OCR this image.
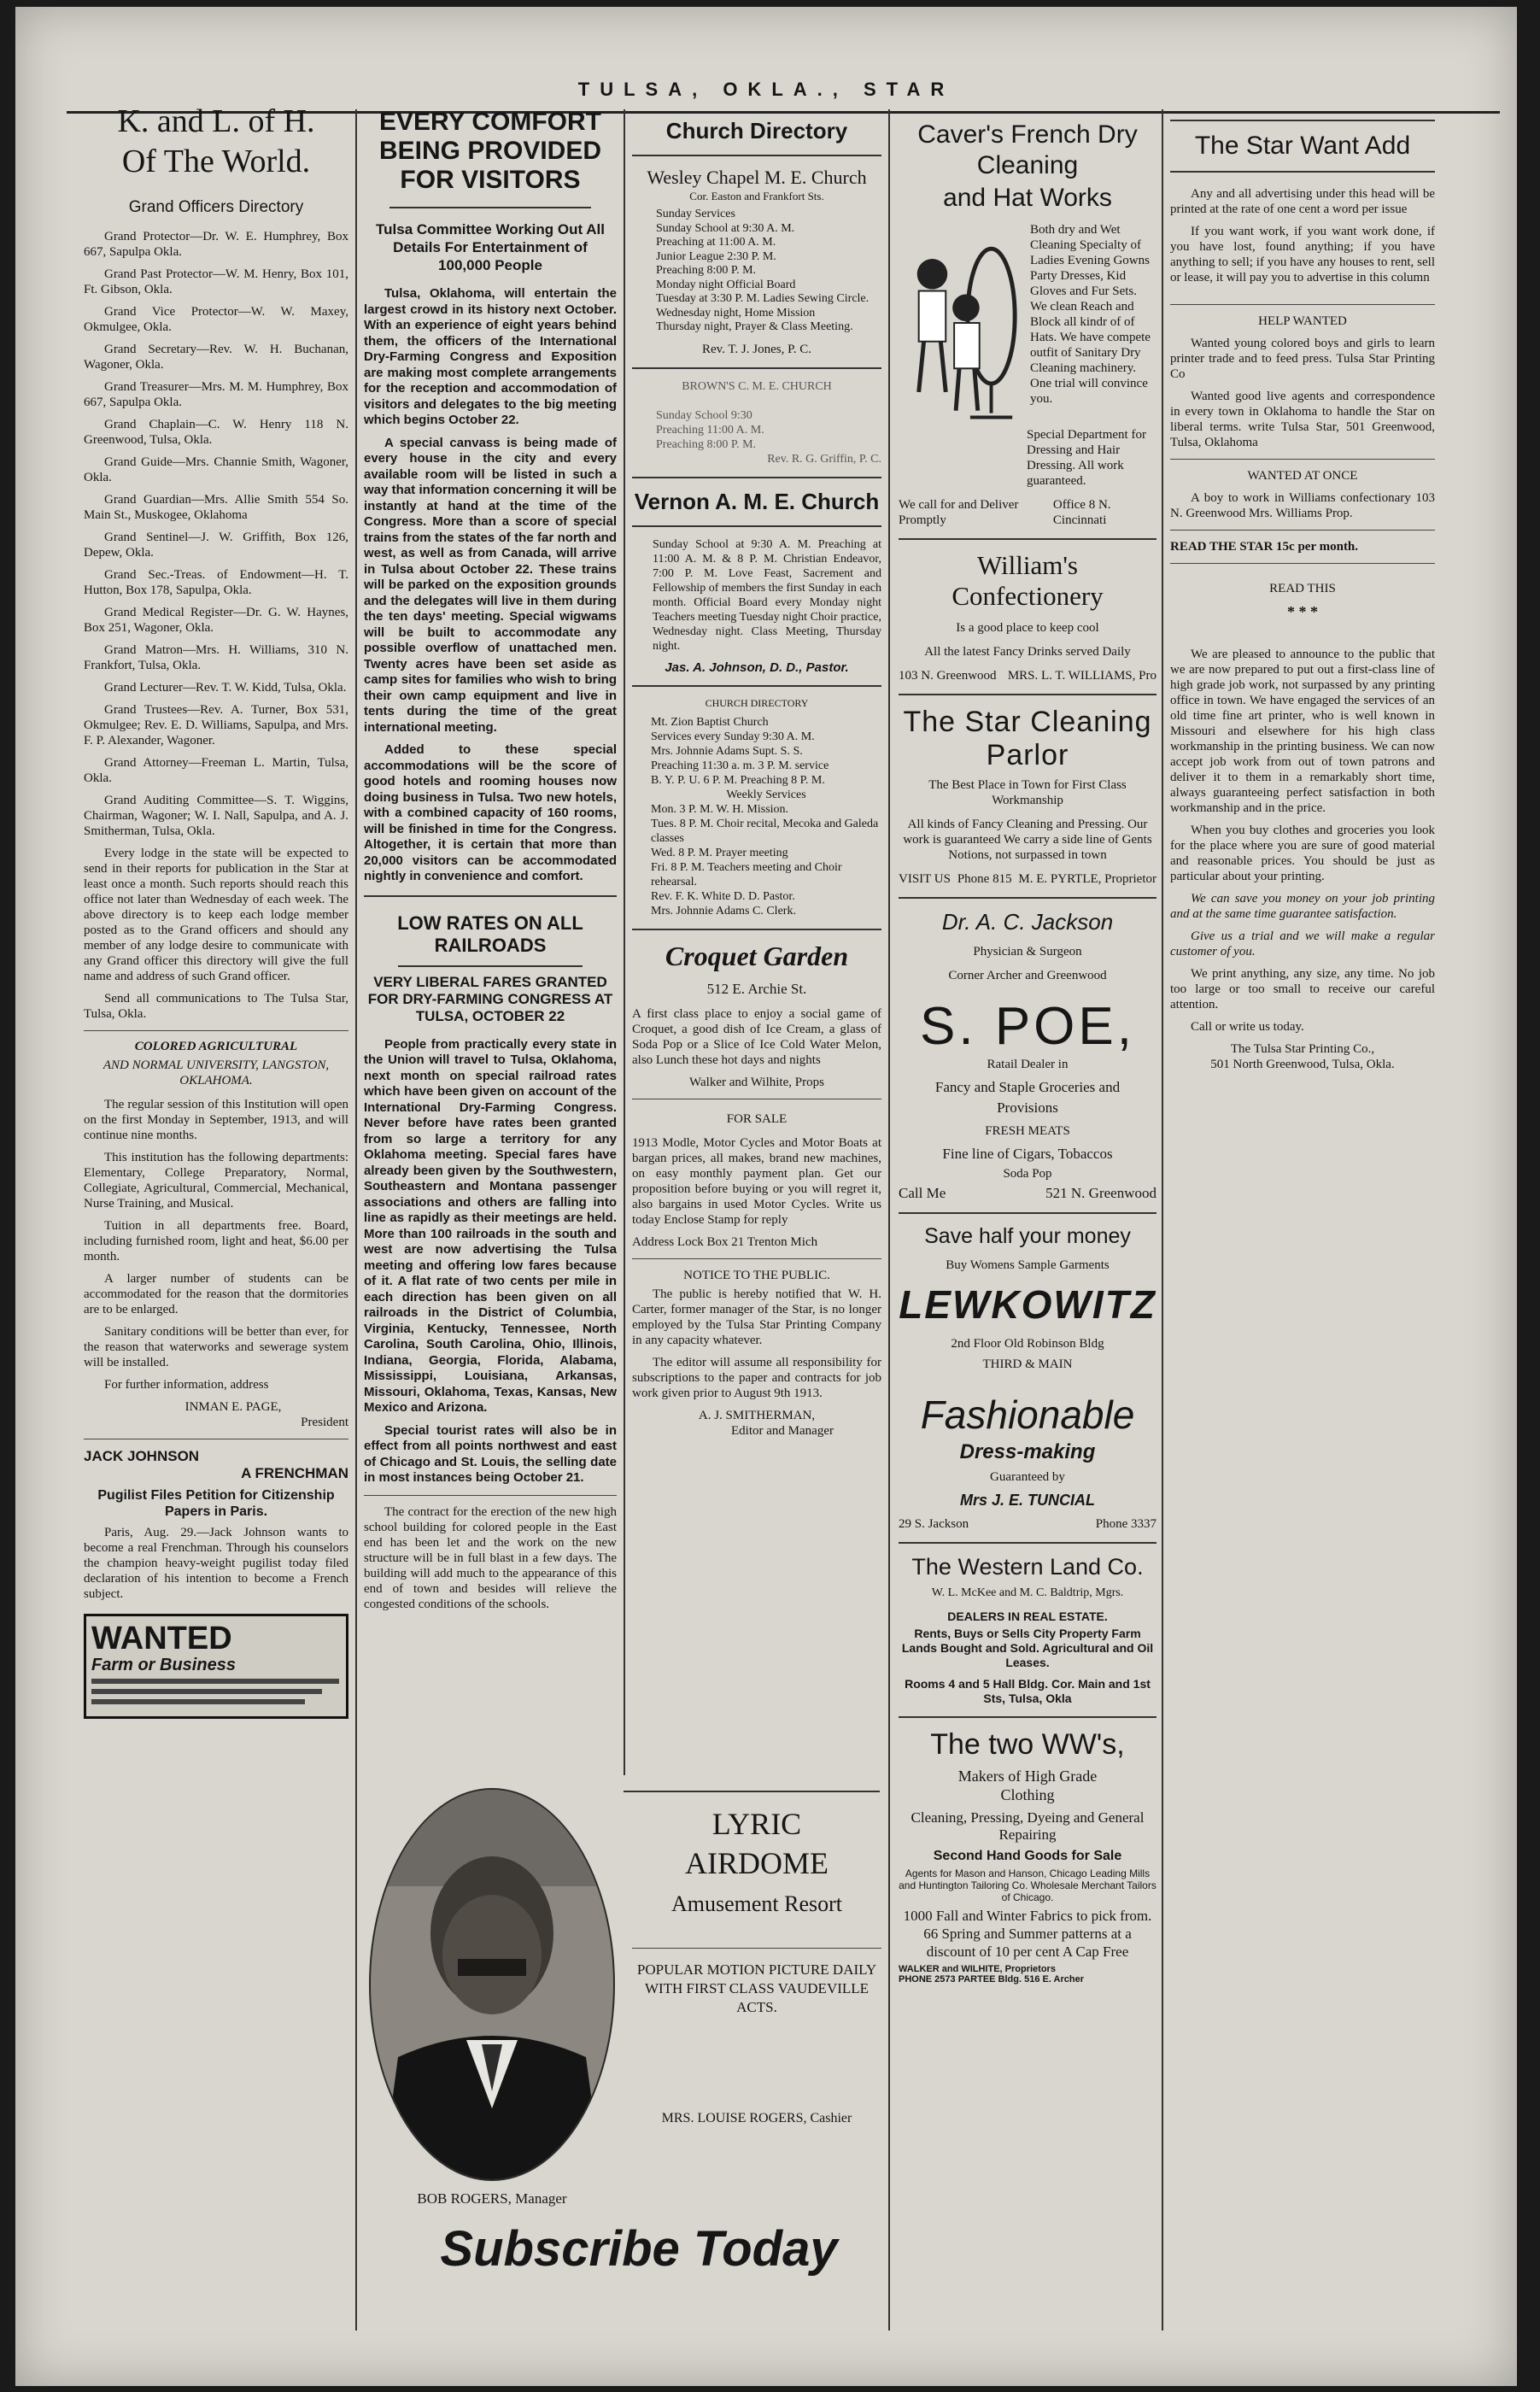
TULSA, OKLA., STAR
K. and L. of H.
Of The World.
Grand Officers Directory

Grand Protector—Dr. W. E. Humphrey, Box 667, Sapulpa Okla.

Grand Past Protector—W. M. Henry, Box 101, Ft. Gibson, Okla.

Grand Vice Protector—W. W. Maxey, Okmulgee, Okla.

Grand Secretary—Rev. W. H. Buchanan, Wagoner, Okla.

Grand Treasurer—Mrs. M. M. Humphrey, Box 667, Sapulpa Okla.

Grand Chaplain—C. W. Henry 118 N. Greenwood, Tulsa, Okla.

Grand Guide—Mrs. Channie Smith, Wagoner, Okla.

Grand Guardian—Mrs. Allie Smith 554 So. Main St., Muskogee, Oklahoma

Grand Sentinel—J. W. Griffith, Box 126, Depew, Okla.

Grand Sec.-Treas. of Endowment—H. T. Hutton, Box 178, Sapulpa, Okla.

Grand Medical Register—Dr. G. W. Haynes, Box 251, Wagoner, Okla.

Grand Matron—Mrs. H. Williams, 310 N. Frankfort, Tulsa, Okla.

Grand Lecturer—Rev. T. W. Kidd, Tulsa, Okla.

Grand Trustees—Rev. A. Turner, Box 531, Okmulgee; Rev. E. D. Williams, Sapulpa, and Mrs. F. P. Alexander, Wagoner.

Grand Attorney—Freeman L. Martin, Tulsa, Okla.

Grand Auditing Committee—S. T. Wiggins, Chairman, Wagoner; W. I. Nall, Sapulpa, and A. J. Smitherman, Tulsa, Okla.

Every lodge in the state will be expected to send in their reports for publication in the Star at least once a month. Such reports should reach this office not later than Wednesday of each week. The above directory is to keep each lodge member posted as to the Grand officers and should any member of any lodge desire to communicate with any Grand officer this directory will give the full name and address of such Grand officer.

Send all communications to The Tulsa Star, Tulsa, Okla.

COLORED AGRICULTURAL
AND NORMAL UNIVERSITY, LANGSTON, OKLAHOMA.

The regular session of this Institution will open on the first Monday in September, 1913, and will continue nine months.

This institution has the following departments: Elementary, College Preparatory, Normal, Collegiate, Agricultural, Commercial, Mechanical, Nurse Training, and Musical.

Tuition in all departments free. Board, including furnished room, light and heat, $6.00 per month.

A larger number of students can be accommodated for the reason that the dormitories are to be enlarged.

Sanitary conditions will be better than ever, for the reason that waterworks and sewerage system will be installed.

For further information, address

INMAN E. PAGE,

President

JACK JOHNSON
A FRENCHMAN
Pugilist Files Petition for Citizenship Papers in Paris.

Paris, Aug. 29.—Jack Johnson wants to become a real Frenchman. Through his counselors the champion heavy-weight pugilist today filed declaration of his intention to become a French subject.

WANTED
Farm or Business
EVERY COMFORT
BEING PROVIDED
FOR VISITORS
Tulsa Committee Working Out All Details For Entertainment of 100,000 People

Tulsa, Oklahoma, will entertain the largest crowd in its history next October. With an experience of eight years behind them, the officers of the International Dry-Farming Congress and Exposition are making most complete arrangements for the reception and accommodation of visitors and delegates to the big meeting which begins October 22.

A special canvass is being made of every house in the city and every available room will be listed in such a way that information concerning it will be instantly at hand at the time of the Congress. More than a score of special trains from the states of the far north and west, as well as from Canada, will arrive in Tulsa about October 22. These trains will be parked on the exposition grounds and the delegates will live in them during the ten days' meeting. Special wigwams will be built to accommodate any possible overflow of unattached men. Twenty acres have been set aside as camp sites for families who wish to bring their own camp equipment and live in tents during the time of the great international meeting.

Added to these special accommodations will be the score of good hotels and rooming houses now doing business in Tulsa. Two new hotels, with a combined capacity of 160 rooms, will be finished in time for the Congress. Altogether, it is certain that more than 20,000 visitors can be accommodated nightly in convenience and comfort.

LOW RATES ON ALL RAILROADS
VERY LIBERAL FARES GRANTED FOR DRY-FARMING CONGRESS AT TULSA, OCTOBER 22

People from practically every state in the Union will travel to Tulsa, Oklahoma, next month on special railroad rates which have been given on account of the International Dry-Farming Congress. Never before have rates been granted from so large a territory for any Oklahoma meeting. Special fares have already been given by the Southwestern, Southeastern and Montana passenger associations and others are falling into line as rapidly as their meetings are held. More than 100 railroads in the south and west are now advertising the Tulsa meeting and offering low fares because of it. A flat rate of two cents per mile in each direction has been given on all railroads in the District of Columbia, Virginia, Kentucky, Tennessee, North Carolina, South Carolina, Ohio, Illinois, Indiana, Georgia, Florida, Alabama, Mississippi, Louisiana, Arkansas, Missouri, Oklahoma, Texas, Kansas, New Mexico and Arizona.

Special tourist rates will also be in effect from all points northwest and east of Chicago and St. Louis, the selling date in most instances being October 21.

The contract for the erection of the new high school building for colored people in the East end has been let and the work on the new structure will be in full blast in a few days. The building will add much to the appearance of this end of town and besides will relieve the congested conditions of the schools.

BOB ROGERS, Manager
Church Directory
Wesley Chapel M. E. Church
Cor. Easton and Frankfort Sts.
Sunday Services
Sunday School at 9:30 A. M.
Preaching at 11:00 A. M.
Junior League 2:30 P. M.
Preaching 8:00 P. M.
Monday night Official Board
Tuesday at 3:30 P. M. Ladies Sewing Circle.
Wednesday night, Home Mission
Thursday night, Prayer & Class Meeting.
Rev. T. J. Jones, P. C.
BROWN'S C. M. E. CHURCH
Sunday School 9:30
Preaching 11:00 A. M.
Preaching 8:00 P. M.
Rev. R. G. Griffin, P. C.
Vernon A. M. E. Church

Sunday School at 9:30 A. M. Preaching at 11:00 A. M. & 8 P. M. Christian Endeavor, 7:00 P. M. Love Feast, Sacrement and Fellowship of members the first Sunday in each month. Official Board every Monday night Teachers meeting Tuesday night Choir practice, Wednesday night. Class Meeting, Thursday night.

Jas. A. Johnson, D. D., Pastor.
CHURCH DIRECTORY
Mt. Zion Baptist Church
Services every Sunday 9:30 A. M.
Mrs. Johnnie Adams Supt. S. S.
Preaching 11:30 a. m. 3 P. M. service
B. Y. P. U. 6 P. M. Preaching 8 P. M.
Weekly Services
Mon. 3 P. M. W. H. Mission.
Tues. 8 P. M. Choir recital, Mecoka and Galeda classes
Wed. 8 P. M. Prayer meeting
Fri. 8 P. M. Teachers meeting and Choir rehearsal.
Rev. F. K. White D. D. Pastor.
Mrs. Johnnie Adams C. Clerk.
Croquet Garden
512 E. Archie St.

A first class place to enjoy a social game of Croquet, a good dish of Ice Cream, a glass of Soda Pop or a Slice of Ice Cold Water Melon, also Lunch these hot days and nights

Walker and Wilhite, Props
FOR SALE

1913 Modle, Motor Cycles and Motor Boats at bargan prices, all makes, brand new machines, on easy monthly payment plan. Get our proposition before buying or you will regret it, also bargains in used Motor Cycles. Write us today Enclose Stamp for reply

Address Lock Box 21 Trenton Mich
NOTICE TO THE PUBLIC.

The public is hereby notified that W. H. Carter, former manager of the Star, is no longer employed by the Tulsa Star Printing Company in any capacity whatever.

The editor will assume all responsibility for subscriptions to the paper and contracts for job work given prior to August 9th 1913.

A. J. SMITHERMAN,
Editor and Manager
LYRIC
AIRDOME
Amusement Resort
POPULAR MOTION PICTURE DAILY WITH FIRST CLASS VAUDEVILLE ACTS.
MRS. LOUISE ROGERS, Cashier
Caver's French Dry Cleaning
and Hat Works

Both dry and Wet Cleaning Specialty of Ladies Evening Gowns Party Dresses, Kid Gloves and Fur Sets. We clean Reach and Block all kindr of of Hats. We have compete outfit of Sanitary Dry Cleaning machinery. One trial will convince you.

Special Department for Dressing and Hair Dressing. All work guaranteed.

We call for and Deliver Promptly
Office 8 N. Cincinnati
William's Confectionery
Is a good place to keep cool
All the latest Fancy Drinks served Daily
103 N. Greenwood MRS. L. T. WILLIAMS, Pro
The Star Cleaning Parlor
The Best Place in Town for First Class Workmanship
All kinds of Fancy Cleaning and Pressing. Our work is guaranteed We carry a side line of Gents Notions, not surpassed in town
VISIT US Phone 815 M. E. PYRTLE, Proprietor
Dr. A. C. Jackson
Physician & Surgeon
Corner Archer and Greenwood
S. POE,
Ratail Dealer in
Fancy and Staple Groceries and Provisions
FRESH MEATS
Fine line of Cigars, Tobaccos
Soda Pop
Call Me	521 N. Greenwood
Save half your money
Buy Womens Sample Garments
LEWKOWITZ
2nd Floor Old Robinson Bldg
THIRD & MAIN
Fashionable
Dress-making
Guaranteed by
Mrs J. E. TUNCIAL
29 S. Jackson	Phone 3337
The Western Land Co.
W. L. McKee and M. C. Baldtrip, Mgrs.
DEALERS IN REAL ESTATE.
Rents, Buys or Sells City Property Farm Lands Bought and Sold. Agricultural and Oil Leases.
Rooms 4 and 5 Hall Bldg. Cor. Main and 1st Sts, Tulsa, Okla
The two WW's,
Makers of High Grade Clothing
Cleaning, Pressing, Dyeing and General Repairing
Second Hand Goods for Sale
Agents for Mason and Hanson, Chicago Leading Mills and Huntington Tailoring Co. Wholesale Merchant Tailors of Chicago.
1000 Fall and Winter Fabrics to pick from. 66 Spring and Summer patterns at a discount of 10 per cent A Cap Free
WALKER and WILHITE, Proprietors
PHONE 2573 PARTEE Bldg. 516 E. Archer
The Star Want Add

Any and all advertising under this head will be printed at the rate of one cent a word per issue

If you want work, if you want work done, if you have lost, found anything; if you have anything to sell; if you have any houses to rent, sell or lease, it will pay you to advertise in this column

HELP WANTED

Wanted young colored boys and girls to learn printer trade and to feed press. Tulsa Star Printing Co

Wanted good live agents and correspondence in every town in Oklahoma to handle the Star on liberal terms. write Tulsa Star, 501 Greenwood, Tulsa, Oklahoma

WANTED AT ONCE

A boy to work in Williams confectionary 103 N. Greenwood Mrs. Williams Prop.

READ THE STAR 15c per month.
READ THIS
* * *

We are pleased to announce to the public that we are now prepared to put out a first-class line of high grade job work, not surpassed by any printing office in town. We have engaged the services of an old time fine art printer, who is well known in Missouri and elsewhere for his high class workmanship in the printing business. We can now accept job work from out of town patrons and deliver it to them in a remarkably short time, always guaranteeing perfect satisfaction in both workmanship and in the price.

When you buy clothes and groceries you look for the place where you are sure of good material and reasonable prices. You should be just as particular about your printing.

We can save you money on your job printing and at the same time guarantee satisfaction.

Give us a trial and we will make a regular customer of you.

We print anything, any size, any time. No job too large or too small to receive our careful attention.

Call or write us today.

The Tulsa Star Printing Co.,

501 North Greenwood, Tulsa, Okla.

Subscribe Today
